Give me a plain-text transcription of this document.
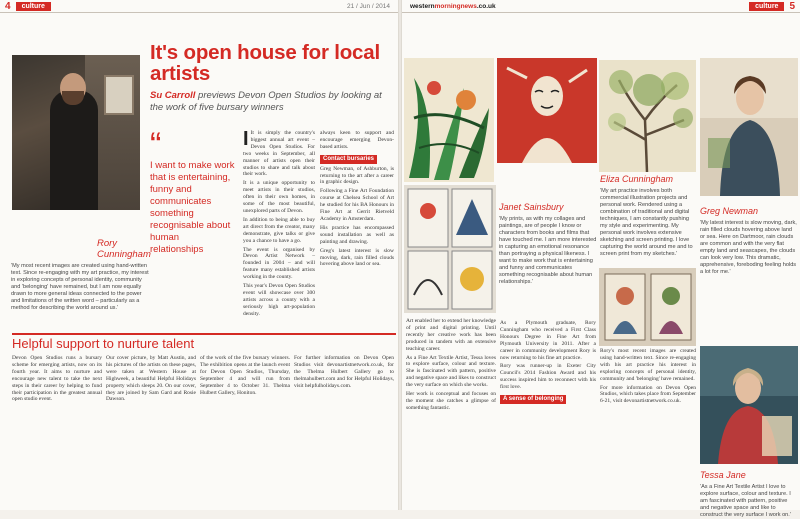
4	culture	21 / Jun / 2014
It's open house for local artists
Su Carroll previews Devon Open Studios by looking at the work of five bursary winners
“
I want to make work that is entertaining, funny and communicates something recognisable about human relationships
Rory Cunningham
'My most recent images are created using hand-written text. Since re-engaging with my art practice, my interest in exploring concepts of personal identity, community and 'belonging' have remained, but I am now equally drawn to more general ideas connected to the power and limitations of the written word – particularly as a method for describing the world around us.'

I It is simply the country's biggest annual art event – Devon Open Studios. For two weeks in September, all manner of artists open their studios to share and talk about their work.

It is a unique opportunity to meet artists in their studios, often in their own homes, in some of the most beautiful, unexplored parts of Devon.

In addition to being able to buy art direct from the creator, many demonstrate, give talks or give you a chance to have a go.

The event is organised by Devon Artist Network – founded in 2004 – and will feature many established artists working in the county.

This year's Devon Open Studios event will showcase over 300 artists across a county with a seriously high art-population density.

always keen to support and encourage emerging Devon-based artists.

Contact bursaries

Greg Newman, of Ashburton, is returning to the art after a career in graphic design.

Following a Fine Art Foundation course at Chelsea School of Art he studied for his BA Honours in Fine Art at Gerrit Rietveld Academy in Amsterdam.

His practice has encompassed sound installation as well as painting and drawing.

Greg's latest interest is slow moving, dark, rain filled clouds hovering above land or sea.

Helpful support to nurture talent

Devon Open Studios runs a bursary scheme for emerging artists, now on its fourth year. It aims to nurture and encourage new talent to take the next steps in their career by helping to fund their participation in the greatest annual open studio event.

Our cover picture, by Matt Austin, and his pictures of the artists on these pages, were taken at Western House at Highweek, a beautiful Helpful Holidays property which sleeps 20. On our cover, they are joined by Sam Gard and Rosie Dawson.

of the work of the five bursary winners. The exhibition opens at the launch event for Devon Open Studios, Thursday, September 4 and will run from September 4 to October 31. Thelma Hulbert Gallery, Honiton.

For further information on Devon Open Studios visit devonartistnetwork.co.uk, for the Thelma Hulbert Gallery go to thelmahulbert.com and for Helpful Holidays, visit helpfulholidays.com.

westernmorningnews.co.uk	culture	5
Janet Sainsbury
'My prints, as with my collages and paintings, are of people I know or characters from books and films that have touched me. I am more interested in capturing an emotional resonance than portraying a physical likeness. I want to make work that is entertaining and funny and communicates something recognisable about human relationships.'
Eliza Cunningham
'My art practice involves both commercial illustration projects and personal work. Rendered using a combination of traditional and digital techniques, I am constantly pushing my style and experimenting. My personal work involves extensive sketching and screen printing. I love capturing the world around me and to screen print from my sketches.'
Greg Newman
'My latest interest is slow moving, dark, rain filled clouds hovering above land or sea. Here on Dartmoor, rain clouds are common and with the very flat empty land and seascapes, the clouds can look very low. This dramatic, apprehensive, foreboding feeling holds a lot for me.'
Tessa Jane
'As a Fine Art Textile Artist I love to explore surface, colour and texture. I am fascinated with pattern, positive and negative space and like to construct the very surface I work on.'

Art enabled her to extend her knowledge of print and digital printing. Until recently her creative work has been produced in tandem with an extensive teaching career.

As a Fine Art Textile Artist, Tessa loves to explore surface, colour and texture. She is fascinated with pattern, positive and negative space and likes to construct the very surface on which she works.

Her work is conceptual and focuses on the moment she catches a glimpse of something fantastic.

As a Plymouth graduate, Rory Cunningham who received a First Class Honours Degree in Fine Art from Plymouth University in 2011. After a career in community development Rory is now returning to his fine art practice.

Rory was runner-up in Exeter City Council's 2014 Fashion Award and his success inspired him to reconnect with his first love.

A sense of belonging

Rory's most recent images are created using hand-written text. Since re-engaging with his art practice his interest in exploring concepts of personal identity, community and 'belonging' have remained.

For more information on Devon Open Studios, which takes place from September 6-21, visit devonartistnetwork.co.uk.
